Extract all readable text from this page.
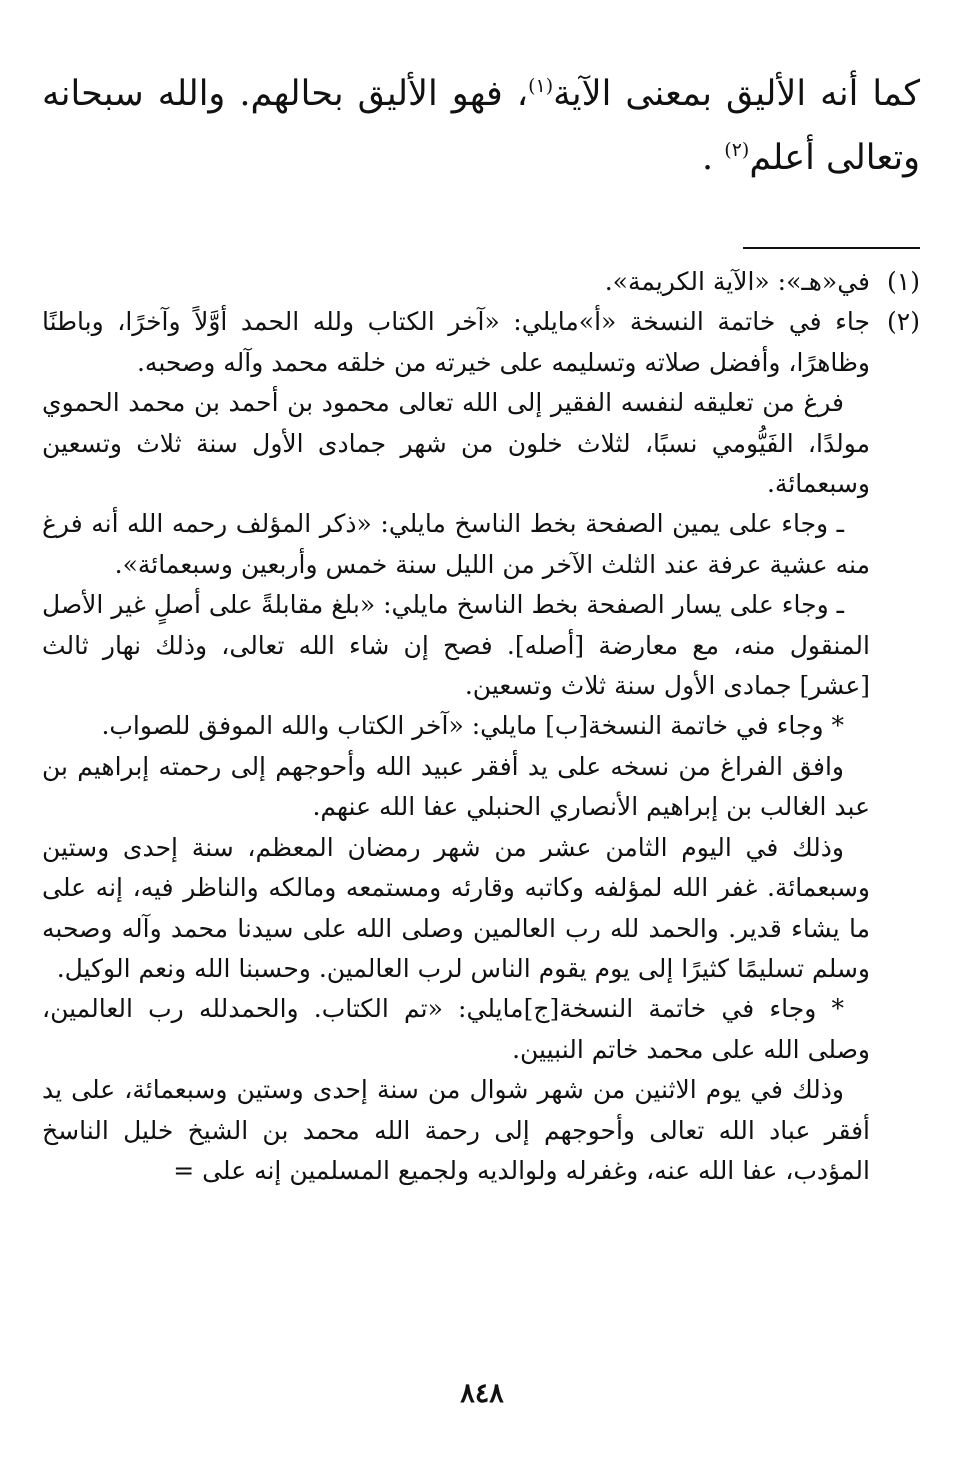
كما أنه الأليق بمعنى الآية$^{(١)}$، فهو الأليق بحالهم. والله سبحانه وتعالى أعلم$^{(٢)}$ .

(١)

في«هـ»: «الآية الكريمة».

(٢)

جاء في خاتمة النسخة «أ»مايلي: «آخر الكتاب ولله الحمد أوَّلاً وآخرًا، وباطنًا وظاهرًا، وأفضل صلاته وتسليمه على خيرته من خلقه محمد وآله وصحبه.

فرغ من تعليقه لنفسه الفقير إلى الله تعالى محمود بن أحمد بن محمد الحموي مولدًا، الفَيُّومي نسبًا، لثلاث خلون من شهر جمادى الأول سنة ثلاث وتسعين وسبعمائة.

ـ وجاء على يمين الصفحة بخط الناسخ مايلي: «ذكر المؤلف رحمه الله أنه فرغ منه عشية عرفة عند الثلث الآخر من الليل سنة خمس وأربعين وسبعمائة».

ـ وجاء على يسار الصفحة بخط الناسخ مايلي: «بلغ مقابلةً على أصلٍ غير الأصل المنقول منه، مع معارضة [أصله]. فصح إن شاء الله تعالى، وذلك نهار ثالث [عشر] جمادى الأول سنة ثلاث وتسعين.

* وجاء في خاتمة النسخة[ب] مايلي: «آخر الكتاب والله الموفق للصواب.

وافق الفراغ من نسخه على يد أفقر عبيد الله وأحوجهم إلى رحمته إبراهيم بن عبد الغالب بن إبراهيم الأنصاري الحنبلي عفا الله عنهم.

وذلك في اليوم الثامن عشر من شهر رمضان المعظم، سنة إحدى وستين وسبعمائة. غفر الله لمؤلفه وكاتبه وقارئه ومستمعه ومالكه والناظر فيه، إنه على ما يشاء قدير. والحمد لله رب العالمين وصلى الله على سيدنا محمد وآله وصحبه وسلم تسليمًا كثيرًا إلى يوم يقوم الناس لرب العالمين. وحسبنا الله ونعم الوكيل.

* وجاء في خاتمة النسخة[ج]مايلي: «تم الكتاب. والحمدلله رب العالمين، وصلى الله على محمد خاتم النبيين.

وذلك في يوم الاثنين من شهر شوال من سنة إحدى وستين وسبعمائة، على يد أفقر عباد الله تعالى وأحوجهم إلى رحمة الله محمد بن الشيخ خليل الناسخ المؤدب، عفا الله عنه، وغفرله ولوالديه ولجميع المسلمين إنه على =

٨٤٨
